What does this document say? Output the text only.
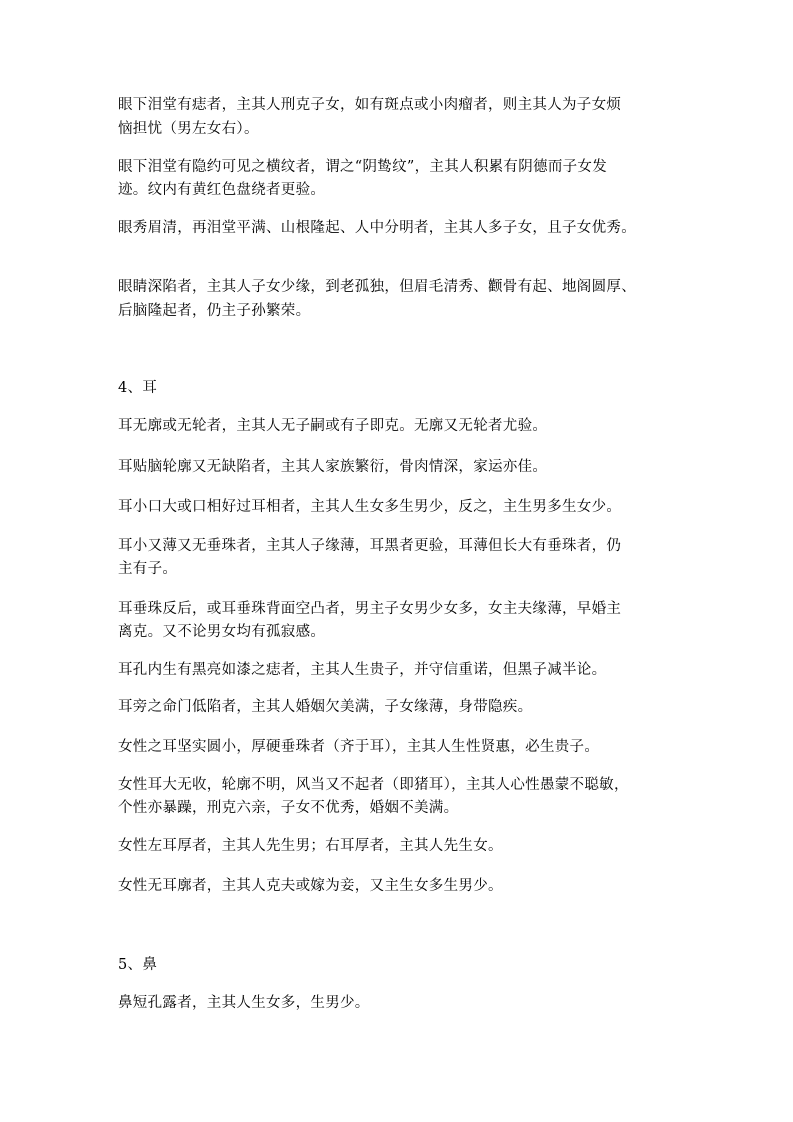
眼下泪堂有痣者，主其人刑克子女，如有斑点或小肉瘤者，则主其人为子女烦
恼担忧（男左女右）。
眼下泪堂有隐约可见之横纹者，谓之“阴鸷纹”，主其人积累有阴德而子女发
迹。纹内有黄红色盘绕者更验。
眼秀眉清，再泪堂平满、山根隆起、人中分明者，主其人多子女，且子女优秀。
眼睛深陷者，主其人子女少缘，到老孤独，但眉毛清秀、颧骨有起、地阁圆厚、
后脑隆起者，仍主子孙繁荣。
4、耳
耳无廓或无轮者，主其人无子嗣或有子即克。无廓又无轮者尤验。
耳贴脑轮廓又无缺陷者，主其人家族繁衍，骨肉情深，家运亦佳。
耳小口大或口相好过耳相者，主其人生女多生男少，反之，主生男多生女少。
耳小又薄又无垂珠者，主其人子缘薄，耳黑者更验，耳薄但长大有垂珠者，仍
主有子。
耳垂珠反后，或耳垂珠背面空凸者，男主子女男少女多，女主夫缘薄，早婚主
离克。又不论男女均有孤寂感。
耳孔内生有黑亮如漆之痣者，主其人生贵子，并守信重诺，但黑子减半论。
耳旁之命门低陷者，主其人婚姻欠美满，子女缘薄，身带隐疾。
女性之耳坚实圆小，厚硬垂珠者（齐于耳），主其人生性贤惠，必生贵子。
女性耳大无收，轮廓不明，风当又不起者（即猪耳），主其人心性愚蒙不聪敏，
个性亦暴躁，刑克六亲，子女不优秀，婚姻不美满。
女性左耳厚者，主其人先生男；右耳厚者，主其人先生女。
女性无耳廓者，主其人克夫或嫁为妾，又主生女多生男少。
5、鼻
鼻短孔露者，主其人生女多，生男少。
